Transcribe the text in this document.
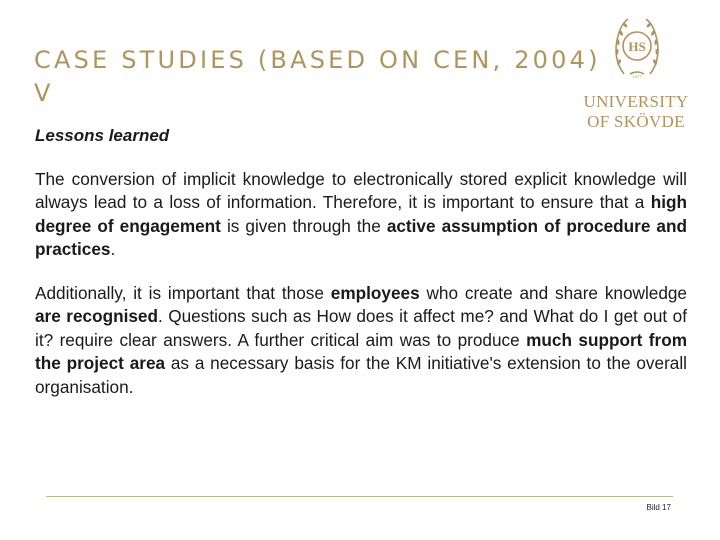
CASE STUDIES (BASED ON CEN, 2004)
V
HS
1977
UNIVERSITY
OF SKÖVDE

Lessons learned

The conversion of implicit knowledge to electronically stored explicit knowledge will always lead to a loss of information. Therefore, it is important to ensure that a high degree of engagement is given through the active assumption of procedure and practices.

Additionally, it is important that those employees who create and share knowledge are recognised. Questions such as How does it affect me? and What do I get out of it? require clear answers. A further critical aim was to produce much support from the project area as a necessary basis for the KM initiative's extension to the overall organisation.

Bild 17
